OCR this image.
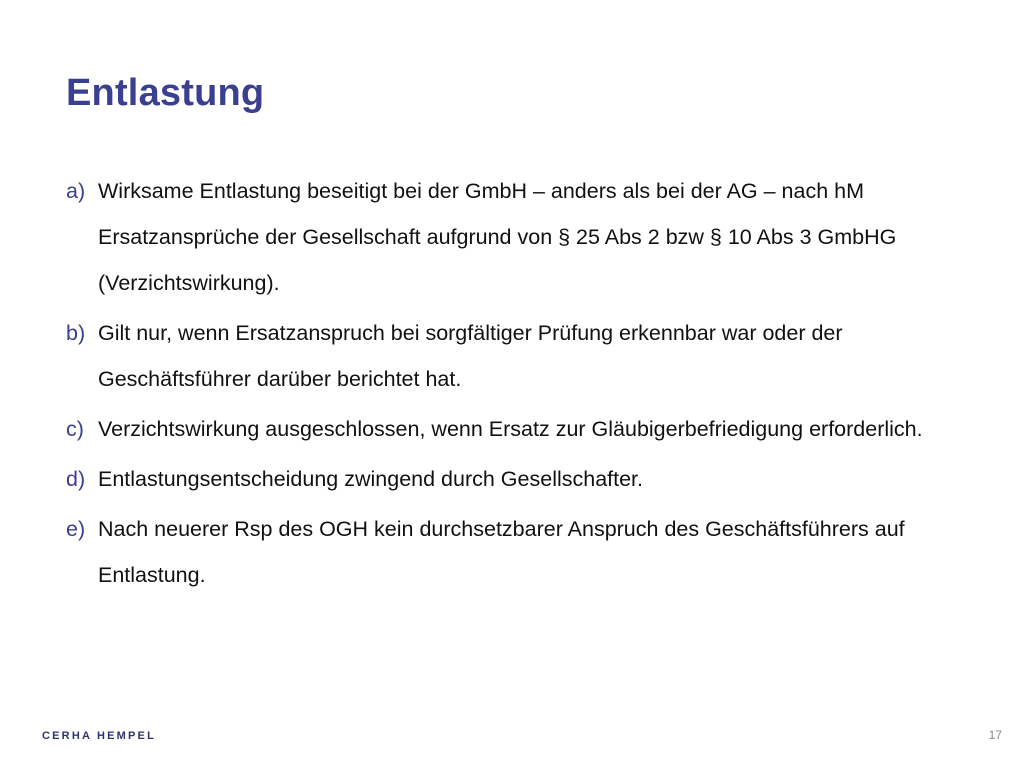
Entlastung
a) Wirksame Entlastung beseitigt bei der GmbH – anders als bei der AG – nach hM Ersatzansprüche der Gesellschaft aufgrund von § 25 Abs 2 bzw § 10 Abs 3 GmbHG (Verzichtswirkung).
b) Gilt nur, wenn Ersatzanspruch bei sorgfältiger Prüfung erkennbar war oder der Geschäftsführer darüber berichtet hat.
c) Verzichtswirkung ausgeschlossen, wenn Ersatz zur Gläubigerbefriedigung erforderlich.
d) Entlastungsentscheidung zwingend durch Gesellschafter.
e) Nach neuerer Rsp des OGH kein durchsetzbarer Anspruch des Geschäftsführers auf Entlastung.
CERHA HEMPEL	17
